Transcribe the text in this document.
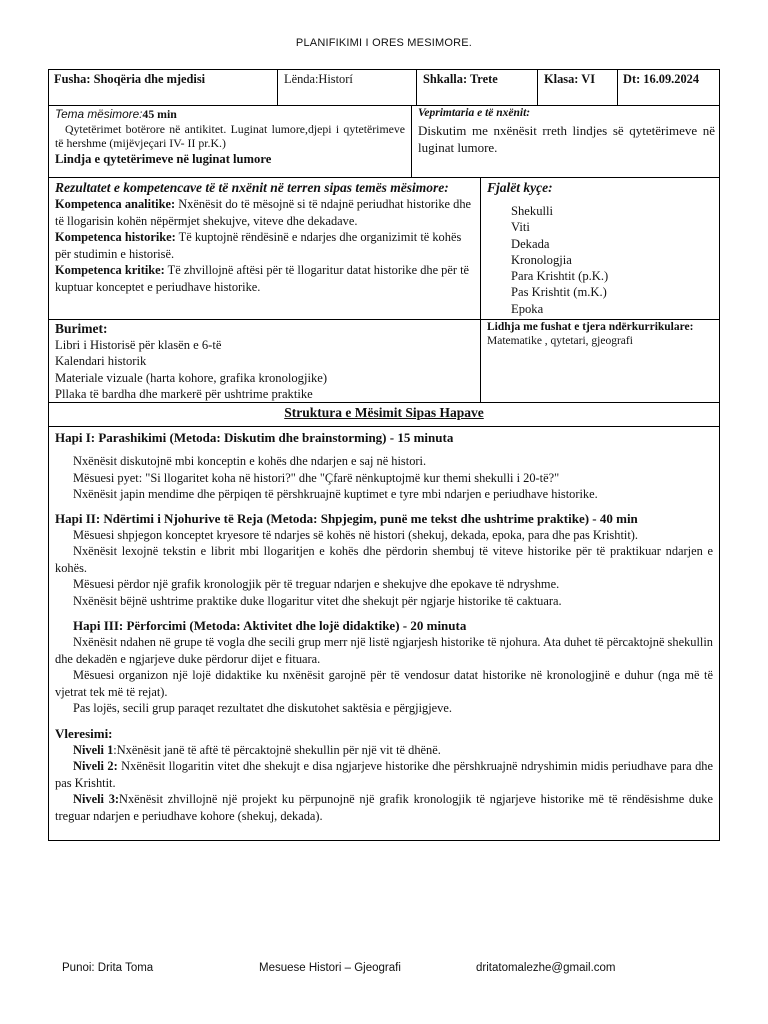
PLANIFIKIMI I ORES MESIMORE.
Fusha: Shoqëria dhe mjedisi	Lënda:Historí	Shkalla: Trete	Klasa: VI	Dt: 16.09.2024
Tema mësimore:45 min

Qytetërimet botërore në antikitet. Luginat lumore,djepi i qytetërimeve të hershme (mijëvjeçari IV- II pr.K.)

Lindja e qytetërimeve në luginat lumore
Veprimtaria e të nxënit:

Diskutim me nxënësit rreth lindjes së qytetërimeve në luginat lumore.

Rezultatet e kompetencave të të nxënit në terren sipas temës mësimore:

Kompetenca analitike: Nxënësit do të mësojnë si të ndajnë periudhat historike dhe të llogarisin kohën nëpërmjet shekujve, viteve dhe dekadave.

Kompetenca historike: Të kuptojnë rëndësinë e ndarjes dhe organizimit të kohës për studimin e historisë.

Kompetenca kritike: Të zhvillojnë aftësi për të llogaritur datat historike dhe për të kuptuar konceptet e periudhave historike.

Fjalët kyçe:
Shekulli
Viti
Dekada
Kronologjia
Para Krishtit (p.K.)
Pas Krishtit (m.K.)
Epoka
Burimet:
Libri i Historisë për klasën e 6-të
Kalendari historik
Materiale vizuale (harta kohore, grafika kronologjike)
Pllaka të bardha dhe markerë për ushtrime praktike
Lidhja me fushat e tjera ndërkurrikulare:
Matematike , qytetari, gjeografi
Struktura e Mësimit Sipas Hapave
Hapi I: Parashikimi (Metoda: Diskutim dhe brainstorming) - 15 minuta

Nxënësit diskutojnë mbi konceptin e kohës dhe ndarjen e saj në histori.

Mësuesi pyet: "Si llogaritet koha në histori?" dhe "Çfarë nënkuptojmë kur themi shekulli i 20-të?"

Nxënësit japin mendime dhe përpiqen të përshkruajnë kuptimet e tyre mbi ndarjen e periudhave historike.

Hapi II: Ndërtimi i Njohurive të Reja (Metoda: Shpjegim, punë me tekst dhe ushtrime praktike) - 40 min

Mësuesi shpjegon konceptet kryesore të ndarjes së kohës në histori (shekuj, dekada, epoka, para dhe pas Krishtit).

Nxënësit lexojnë tekstin e librit mbi llogaritjen e kohës dhe përdorin shembuj të viteve historike për të praktikuar ndarjen e kohës.

Mësuesi përdor një grafik kronologjik për të treguar ndarjen e shekujve dhe epokave të ndryshme.

Nxënësit bëjnë ushtrime praktike duke llogaritur vitet dhe shekujt për ngjarje historike të caktuara.

Hapi III: Përforcimi (Metoda: Aktivitet dhe lojë didaktike) - 20 minuta

Nxënësit ndahen në grupe të vogla dhe secili grup merr një listë ngjarjesh historike të njohura. Ata duhet të përcaktojnë shekullin dhe dekadën e ngjarjeve duke përdorur dijet e fituara.

Mësuesi organizon një lojë didaktike ku nxënësit garojnë për të vendosur datat historike në kronologjinë e duhur (nga më të vjetrat tek më të rejat).

Pas lojës, secili grup paraqet rezultatet dhe diskutohet saktësia e përgjigjeve.

Vleresimi:

Niveli 1:Nxënësit janë të aftë të përcaktojnë shekullin për një vit të dhënë.

Niveli 2: Nxënësit llogaritin vitet dhe shekujt e disa ngjarjeve historike dhe përshkruajnë ndryshimin midis periudhave para dhe pas Krishtit.

Niveli 3:Nxënësit zhvillojnë një projekt ku përpunojnë një grafik kronologjik të ngjarjeve historike më të rëndësishme duke treguar ndarjen e periudhave kohore (shekuj, dekada).

Punoi: Drita Toma	Mesuese Histori – Gjeografi	dritatomalezhe@gmail.com
